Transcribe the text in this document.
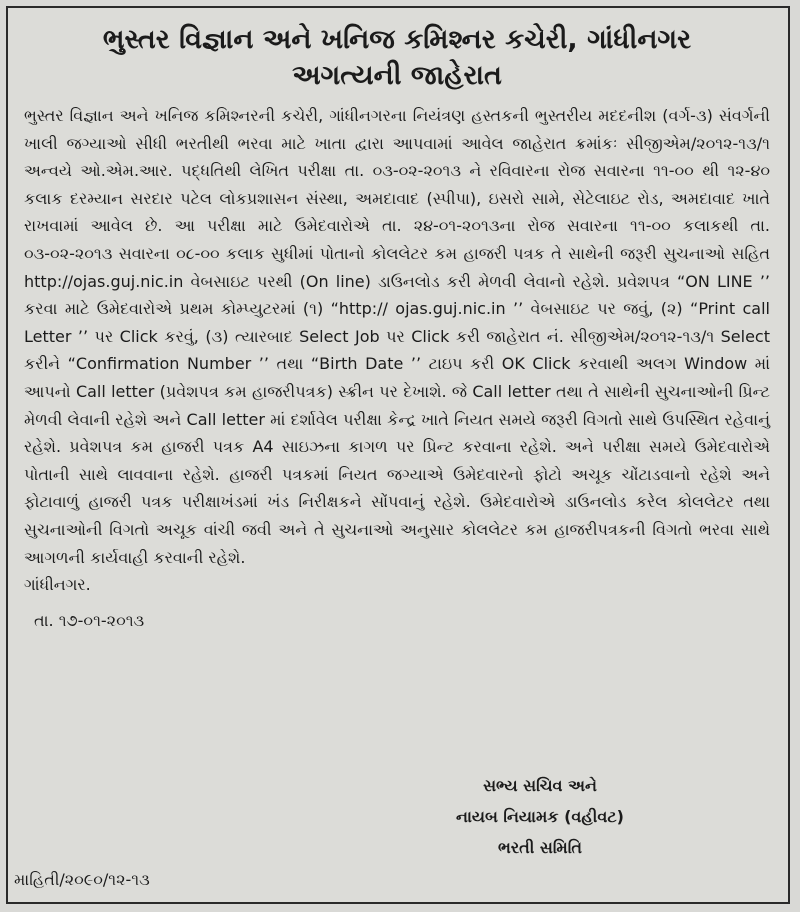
ભુસ્તર વિજ્ઞાન અને ખનિજ કમિશ્નર કચેરી, ગાંધીનગર
અગત્યની જાહેરાત

ભુસ્તર વિજ્ઞાન અને ખનિજ કમિશ્નરની કચેરી, ગાંધીનગરના નિયંત્રણ હસ્તકની ભુસ્તરીય મદદનીશ (વર્ગ-૩) સંવર્ગની ખાલી જગ્યાઓ સીધી ભરતીથી ભરવા માટે ખાતા દ્વારા આપવામાં આવેલ જાહેરાત ક્રમાંકઃ સીજીએમ/૨૦૧૨-૧૩/૧ અન્વયે ઓ.એમ.આર. પદ્ધતિથી લેખિત પરીક્ષા તા. ૦૩-૦૨-૨૦૧૩ ને રવિવારના રોજ સવારના ૧૧-૦૦ થી ૧૨-૪૦ કલાક દરમ્યાન સરદાર પટેલ લોકપ્રશાસન સંસ્થા, અમદાવાદ (સ્પીપા), ઇસરો સામે, સેટેલાઇટ રોડ, અમદાવાદ ખાતે રાખવામાં આવેલ છે. આ પરીક્ષા માટે ઉમેદવારોએ તા. ૨૪-૦૧-૨૦૧૩ના રોજ સવારના ૧૧-૦૦ કલાકથી તા. ૦૩-૦૨-૨૦૧૩ સવારના ૦૮-૦૦ કલાક સુધીમાં પોતાનો કોલલેટર કમ હાજરી પત્રક તે સાથેની જરૂરી સુચનાઓ સહિત http://ojas.guj.nic.in વેબસાઇટ પરથી (On line) ડાઉનલોડ કરી મેળવી લેવાનો રહેશે. પ્રવેશપત્ર “ON LINE ’’ કરવા માટે ઉમેદવારોએ પ્રથમ કોમ્પ્યુટરમાં (૧) “http:// ojas.guj.nic.in ’’ વેબસાઇટ પર જવું, (૨) “Print call Letter ’’ પર Click કરવું, (૩) ત્યારબાદ Select Job પર Click કરી જાહેરાત નં. સીજીએમ/૨૦૧૨-૧૩/૧ Select કરીને “Confirmation Number ’’ તથા “Birth Date ’’ ટાઇપ કરી OK Click કરવાથી અલગ Window માં આપનો Call letter (પ્રવેશપત્ર કમ હાજરીપત્રક) સ્ક્રીન પર દેખાશે. જે Call letter તથા તે સાથેની સુચનાઓની પ્રિન્ટ મેળવી લેવાની રહેશે અને Call letter માં દર્શાવેલ પરીક્ષા કેન્દ્ર ખાતે નિયત સમયે જરૂરી વિગતો સાથે ઉપસ્થિત રહેવાનું રહેશે. પ્રવેશપત્ર કમ હાજરી પત્રક A4 સાઇઝના કાગળ પર પ્રિન્ટ કરવાના રહેશે. અને પરીક્ષા સમયે ઉમેદવારોએ પોતાની સાથે લાવવાના રહેશે. હાજરી પત્રકમાં નિયત જગ્યાએ ઉમેદવારનો ફોટો અચૂક ચોંટાડવાનો રહેશે અને ફોટાવાળું હાજરી પત્રક પરીક્ષાખંડમાં ખંડ નિરીક્ષકને સોંપવાનું રહેશે. ઉમેદવારોએ ડાઉનલોડ કરેલ કોલલેટર તથા સુચનાઓની વિગતો અચૂક વાંચી જવી અને તે સુચનાઓ અનુસાર કોલલેટર કમ હાજરીપત્રકની વિગતો ભરવા સાથે આગળની કાર્યવાહી કરવાની રહેશે.

ગાંધીનગર.

તા. ૧૭-૦૧-૨૦૧૩

સભ્ય સચિવ અને
નાયબ નિયામક (વહીવટ)
ભરતી સમિતિ
માહિતી/૨૦૯૦/૧૨-૧૩
